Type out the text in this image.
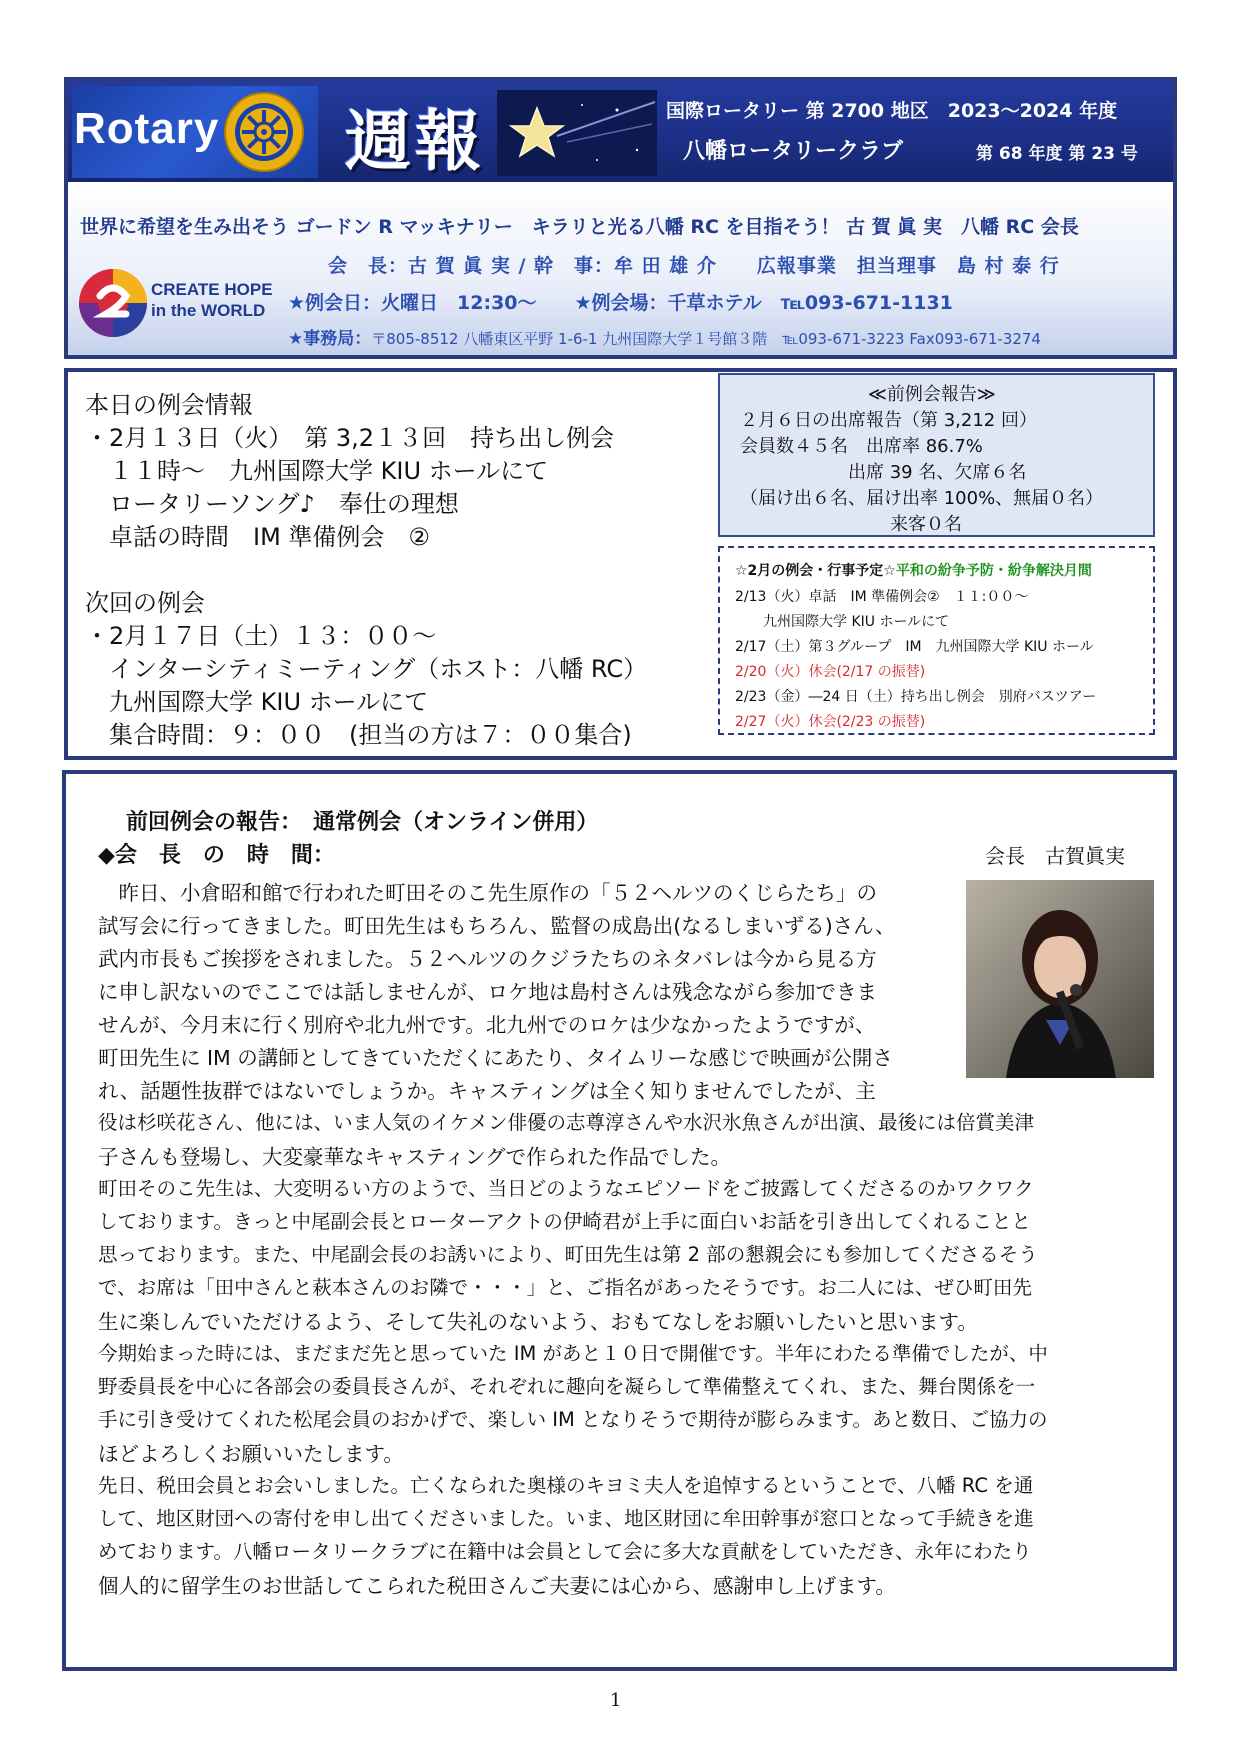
Rotary 週報	国際ロータリー 第 2700 地区　2023～2024 年度
八幡ロータリークラブ	第 68 年度 第 23 号
世界に希望を生み出そう ゴードン R マッキナリー　キラリと光る八幡 RC を目指そう！ 古 賀 眞 実　八幡 RC 会長
会　長：古 賀 眞 実 / 幹　事：牟 田 雄 介　　広報事業　担当理事　島 村 泰 行
★例会日：火曜日　12:30～　　★例会場：千草ホテル　℡093-671-1131
★事務局：〒805-8512 八幡東区平野 1-6-1 九州国際大学１号館３階　℡093-671-3223 Fax093-671-3274
CREATE HOPE
in the WORLD
本日の例会情報
・2月１３日（火）　第 3,2１３回　持ち出し例会
　１１時～　九州国際大学 KIU ホールにて
　ロータリーソング♪　奉仕の理想
　卓話の時間　IM 準備例会　②
次回の例会
・2月１７日（土）１３：００～
　インターシティミーティング（ホスト：八幡 RC）
　九州国際大学 KIU ホールにて
　集合時間：９：００　(担当の方は７：００集合)
≪前例会報告≫
２月６日の出席報告（第 3,212 回）
会員数４５名　出席率 86.7%
　　　　　　出席 39 名、欠席６名
（届け出６名、届け出率 100%、無届０名）
来客０名
☆2月の例会・行事予定☆平和の紛争予防・紛争解決月間
2/13（火）卓話　IM 準備例会②　１１:００～
　　九州国際大学 KIU ホールにて
2/17（土）第３グループ　IM　九州国際大学 KIU ホール
2/20（火）休会(2/17 の振替)
2/23（金）―24 日（土）持ち出し例会　別府バスツアー
2/27（火）休会(2/23 の振替)
前回例会の報告：　通常例会（オンライン併用）
◆会　長　の　時　間：	会長　古賀眞実
　昨日、小倉昭和館で行われた町田そのこ先生原作の「５２ヘルツのくじらたち」の
試写会に行ってきました。町田先生はもちろん、監督の成島出(なるしまいずる)さん、
武内市長もご挨拶をされました。５２ヘルツのクジラたちのネタバレは今から見る方
に申し訳ないのでここでは話しませんが、ロケ地は島村さんは残念ながら参加できま
せんが、今月末に行く別府や北九州です。北九州でのロケは少なかったようですが、
町田先生に IM の講師としてきていただくにあたり、タイムリーな感じで映画が公開さ
れ、話題性抜群ではないでしょうか。キャスティングは全く知りませんでしたが、主
役は杉咲花さん、他には、いま人気のイケメン俳優の志尊淳さんや水沢氷魚さんが出演、最後には倍賞美津
子さんも登場し、大変豪華なキャスティングで作られた作品でした。
町田そのこ先生は、大変明るい方のようで、当日どのようなエピソードをご披露してくださるのかワクワク
しております。きっと中尾副会長とローターアクトの伊崎君が上手に面白いお話を引き出してくれることと
思っております。また、中尾副会長のお誘いにより、町田先生は第 2 部の懇親会にも参加してくださるそう
で、お席は「田中さんと萩本さんのお隣で・・・」と、ご指名があったそうです。お二人には、ぜひ町田先
生に楽しんでいただけるよう、そして失礼のないよう、おもてなしをお願いしたいと思います。
今期始まった時には、まだまだ先と思っていた IM があと１０日で開催です。半年にわたる準備でしたが、中
野委員長を中心に各部会の委員長さんが、それぞれに趣向を凝らして準備整えてくれ、また、舞台関係を一
手に引き受けてくれた松尾会員のおかげで、楽しい IM となりそうで期待が膨らみます。あと数日、ご協力の
ほどよろしくお願いいたします。
先日、税田会員とお会いしました。亡くなられた奥様のキヨミ夫人を追悼するということで、八幡 RC を通
して、地区財団への寄付を申し出てくださいました。いま、地区財団に牟田幹事が窓口となって手続きを進
めております。八幡ロータリークラブに在籍中は会員として会に多大な貢献をしていただき、永年にわたり
個人的に留学生のお世話してこられた税田さんご夫妻には心から、感謝申し上げます。
1
